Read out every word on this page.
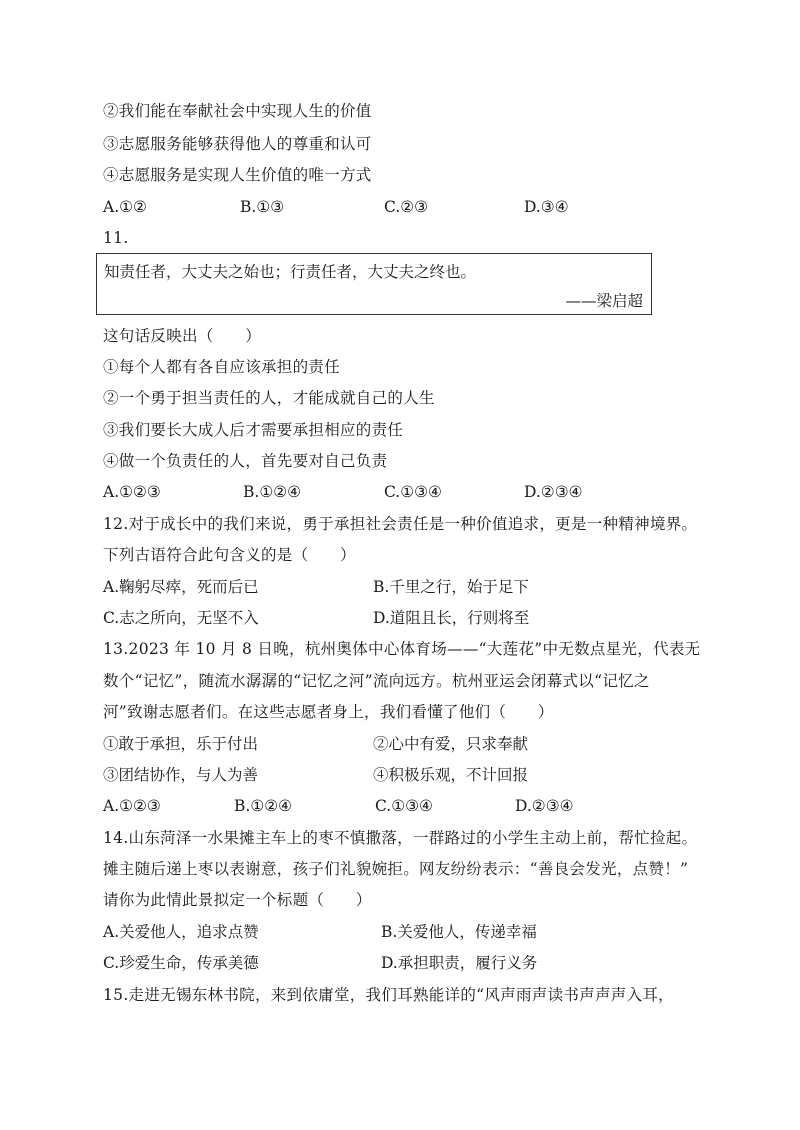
②我们能在奉献社会中实现人生的价值
③志愿服务能够获得他人的尊重和认可
④志愿服务是实现人生价值的唯一方式
A.①②	B.①③	C.②③	D.③④
11.
知责任者，大丈夫之始也；行责任者，大丈夫之终也。
——梁启超
这句话反映出（　　）
①每个人都有各自应该承担的责任
②一个勇于担当责任的人，才能成就自己的人生
③我们要长大成人后才需要承担相应的责任
④做一个负责任的人，首先要对自己负责
A.①②③	B.①②④	C.①③④	D.②③④
12.对于成长中的我们来说，勇于承担社会责任是一种价值追求，更是一种精神境界。
下列古语符合此句含义的是（　　）
A.鞠躬尽瘁，死而后已	B.千里之行，始于足下
C.志之所向，无坚不入	D.道阻且长，行则将至
13.2023 年 10 月 8 日晚，杭州奥体中心体育场——“大莲花”中无数点星光，代表无
数个“记忆”，随流水潺潺的“记忆之河”流向远方。杭州亚运会闭幕式以“记忆之
河”致谢志愿者们。在这些志愿者身上，我们看懂了他们（　　）
①敢于承担，乐于付出	②心中有爱，只求奉献
③团结协作，与人为善	④积极乐观，不计回报
A.①②③	B.①②④	C.①③④	D.②③④
14.山东菏泽一水果摊主车上的枣不慎撒落，一群路过的小学生主动上前，帮忙捡起。
摊主随后递上枣以表谢意，孩子们礼貌婉拒。网友纷纷表示：“善良会发光，点赞！”
请你为此情此景拟定一个标题（　　）
A.关爱他人，追求点赞	B.关爱他人，传递幸福
C.珍爱生命，传承美德	D.承担职责，履行义务
15.走进无锡东林书院，来到依庸堂，我们耳熟能详的“风声雨声读书声声声入耳，
